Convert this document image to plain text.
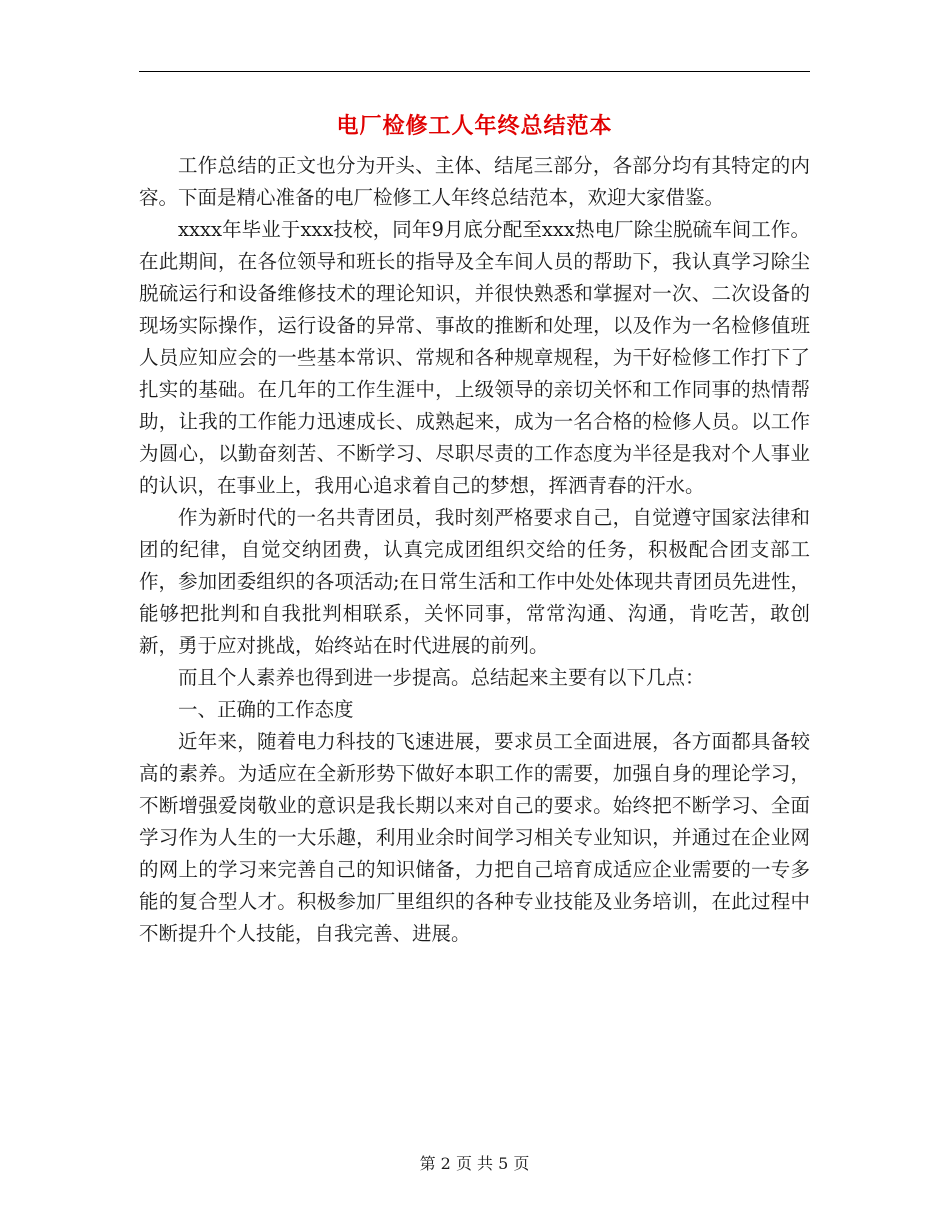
电厂检修工人年终总结范本

工作总结的正文也分为开头、主体、结尾三部分，各部分均有其特定的内容。下面是精心准备的电厂检修工人年终总结范本，欢迎大家借鉴。

xxxx年毕业于xxx技校，同年9月底分配至xxx热电厂除尘脱硫车间工作。在此期间，在各位领导和班长的指导及全车间人员的帮助下，我认真学习除尘脱硫运行和设备维修技术的理论知识，并很快熟悉和掌握对一次、二次设备的现场实际操作，运行设备的异常、事故的推断和处理，以及作为一名检修值班人员应知应会的一些基本常识、常规和各种规章规程，为干好检修工作打下了扎实的基础。在几年的工作生涯中，上级领导的亲切关怀和工作同事的热情帮助，让我的工作能力迅速成长、成熟起来，成为一名合格的检修人员。以工作为圆心，以勤奋刻苦、不断学习、尽职尽责的工作态度为半径是我对个人事业的认识，在事业上，我用心追求着自己的梦想，挥洒青春的汗水。

作为新时代的一名共青团员，我时刻严格要求自己，自觉遵守国家法律和团的纪律，自觉交纳团费，认真完成团组织交给的任务，积极配合团支部工作，参加团委组织的各项活动;在日常生活和工作中处处体现共青团员先进性，能够把批判和自我批判相联系，关怀同事，常常沟通、沟通，肯吃苦，敢创新，勇于应对挑战，始终站在时代进展的前列。

而且个人素养也得到进一步提高。总结起来主要有以下几点：

一、正确的工作态度

近年来，随着电力科技的飞速进展，要求员工全面进展，各方面都具备较高的素养。为适应在全新形势下做好本职工作的需要，加强自身的理论学习，不断增强爱岗敬业的意识是我长期以来对自己的要求。始终把不断学习、全面学习作为人生的一大乐趣，利用业余时间学习相关专业知识，并通过在企业网的网上的学习来完善自己的知识储备，力把自己培育成适应企业需要的一专多能的复合型人才。积极参加厂里组织的各种专业技能及业务培训，在此过程中不断提升个人技能，自我完善、进展。

第 2 页 共 5 页
